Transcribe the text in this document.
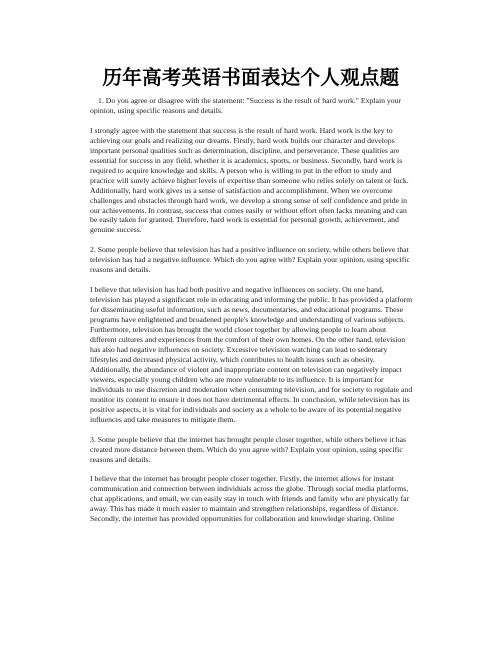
历年高考英语书面表达个人观点题

1. Do you agree or disagree with the statement: "Success is the result of hard work." Explain your opinion, using specific reasons and details.

I strongly agree with the statement that success is the result of hard work. Hard work is the key to achieving our goals and realizing our dreams. Firstly, hard work builds our character and develops important personal qualities such as determination, discipline, and perseverance. These qualities are essential for success in any field, whether it is academics, sports, or business. Secondly, hard work is required to acquire knowledge and skills. A person who is willing to put in the effort to study and practice will surely achieve higher levels of expertise than someone who relies solely on talent or luck. Additionally, hard work gives us a sense of satisfaction and accomplishment. When we overcome challenges and obstacles through hard work, we develop a strong sense of self confidence and pride in our achievements. In contrast, success that comes easily or without effort often lacks meaning and can be easily taken for granted. Therefore, hard work is essential for personal growth, achievement, and genuine success.

2. Some people believe that television has had a positive influence on society, while others believe that television has had a negative influence. Which do you agree with? Explain your opinion, using specific reasons and details.

I believe that television has had both positive and negative influences on society. On one hand, television has played a significant role in educating and informing the public. It has provided a platform for disseminating useful information, such as news, documentaries, and educational programs. These programs have enlightened and broadened people's knowledge and understanding of various subjects. Furthermore, television has brought the world closer together by allowing people to learn about different cultures and experiences from the comfort of their own homes. On the other hand, television has also had negative influences on society. Excessive television watching can lead to sedentary lifestyles and decreased physical activity, which contributes to health issues such as obesity. Additionally, the abundance of violent and inappropriate content on television can negatively impact viewers, especially young children who are more vulnerable to its influence. It is important for individuals to use discretion and moderation when consuming television, and for society to regulate and monitor its content to ensure it does not have detrimental effects. In conclusion, while television has its positive aspects, it is vital for individuals and society as a whole to be aware of its potential negative influences and take measures to mitigate them.

3. Some people believe that the internet has brought people closer together, while others believe it has created more distance between them. Which do you agree with? Explain your opinion, using specific reasons and details.

I believe that the internet has brought people closer together. Firstly, the internet allows for instant communication and connection between individuals across the globe. Through social media platforms, chat applications, and email, we can easily stay in touch with friends and family who are physically far away. This has made it much easier to maintain and strengthen relationships, regardless of distance. Secondly, the internet has provided opportunities for collaboration and knowledge sharing. Online
